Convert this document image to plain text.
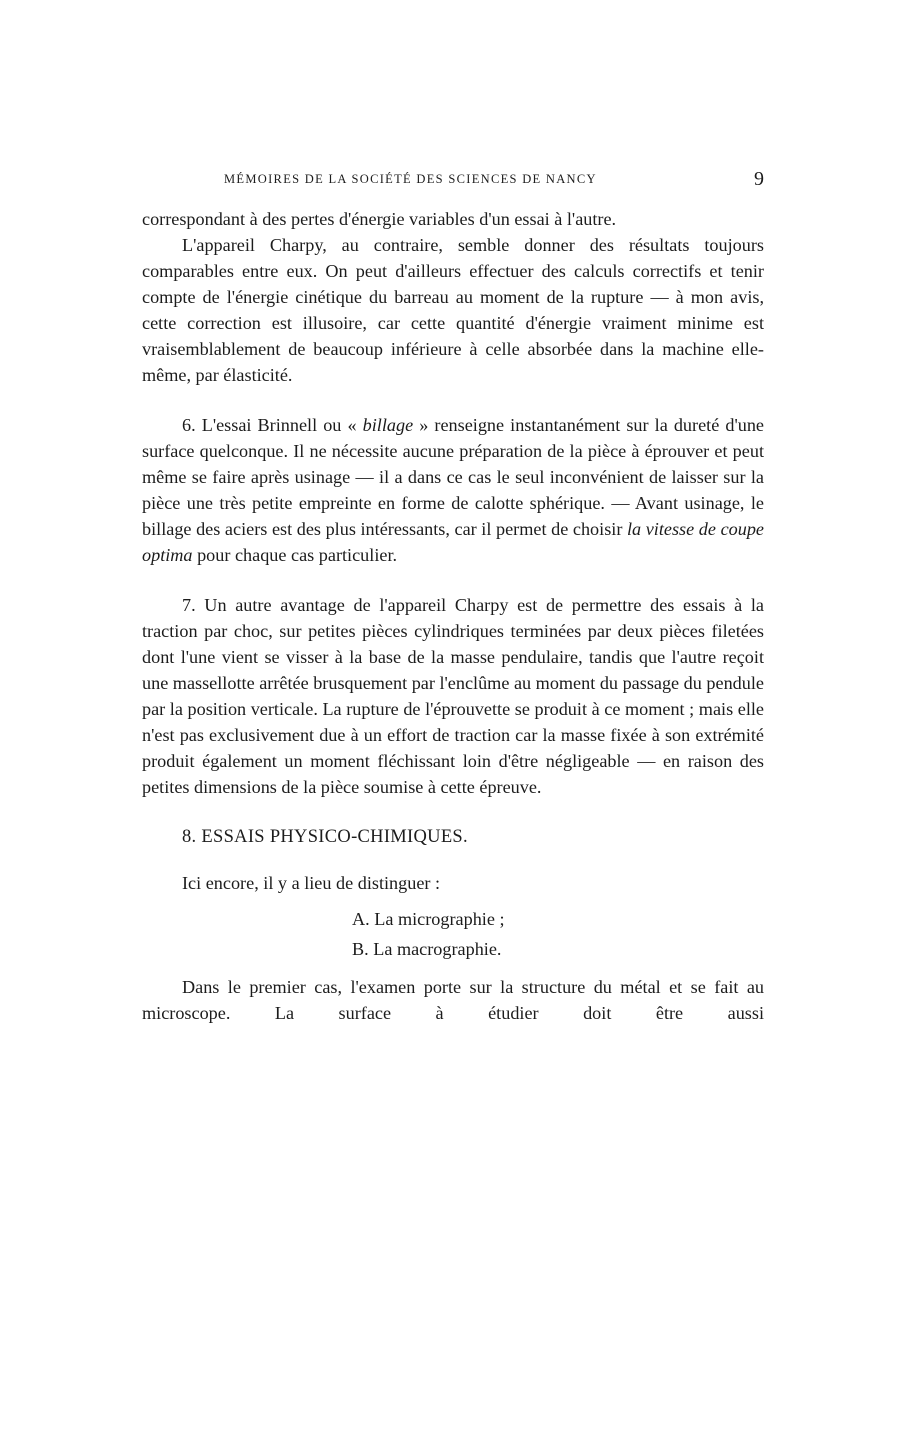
MÉMOIRES DE LA SOCIÉTÉ DES SCIENCES DE NANCY	9

correspondant à des pertes d'énergie variables d'un essai à l'autre.

L'appareil Charpy, au contraire, semble donner des résultats toujours comparables entre eux. On peut d'ailleurs effectuer des calculs correctifs et tenir compte de l'énergie cinétique du barreau au moment de la rupture — à mon avis, cette correction est illusoire, car cette quantité d'énergie vraiment minime est vraisemblablement de beaucoup inférieure à celle absorbée dans la machine elle-même, par élasticité.

6. L'essai Brinnell ou « billage » renseigne instantanément sur la dureté d'une surface quelconque. Il ne nécessite aucune préparation de la pièce à éprouver et peut même se faire après usinage — il a dans ce cas le seul inconvénient de laisser sur la pièce une très petite empreinte en forme de calotte sphérique. — Avant usinage, le billage des aciers est des plus intéressants, car il permet de choisir la vitesse de coupe optima pour chaque cas particulier.

7. Un autre avantage de l'appareil Charpy est de permettre des essais à la traction par choc, sur petites pièces cylindriques terminées par deux pièces filetées dont l'une vient se visser à la base de la masse pendulaire, tandis que l'autre reçoit une massellotte arrêtée brusquement par l'enclûme au moment du passage du pendule par la position verticale. La rupture de l'éprouvette se produit à ce moment ; mais elle n'est pas exclusivement due à un effort de traction car la masse fixée à son extrémité produit également un moment fléchissant loin d'être négligeable — en raison des petites dimensions de la pièce soumise à cette épreuve.

8. ESSAIS PHYSICO-CHIMIQUES.

Ici encore, il y a lieu de distinguer :

A. La micrographie ;
B. La macrographie.

Dans le premier cas, l'examen porte sur la structure du métal et se fait au microscope. La surface à étudier doit être aussi
